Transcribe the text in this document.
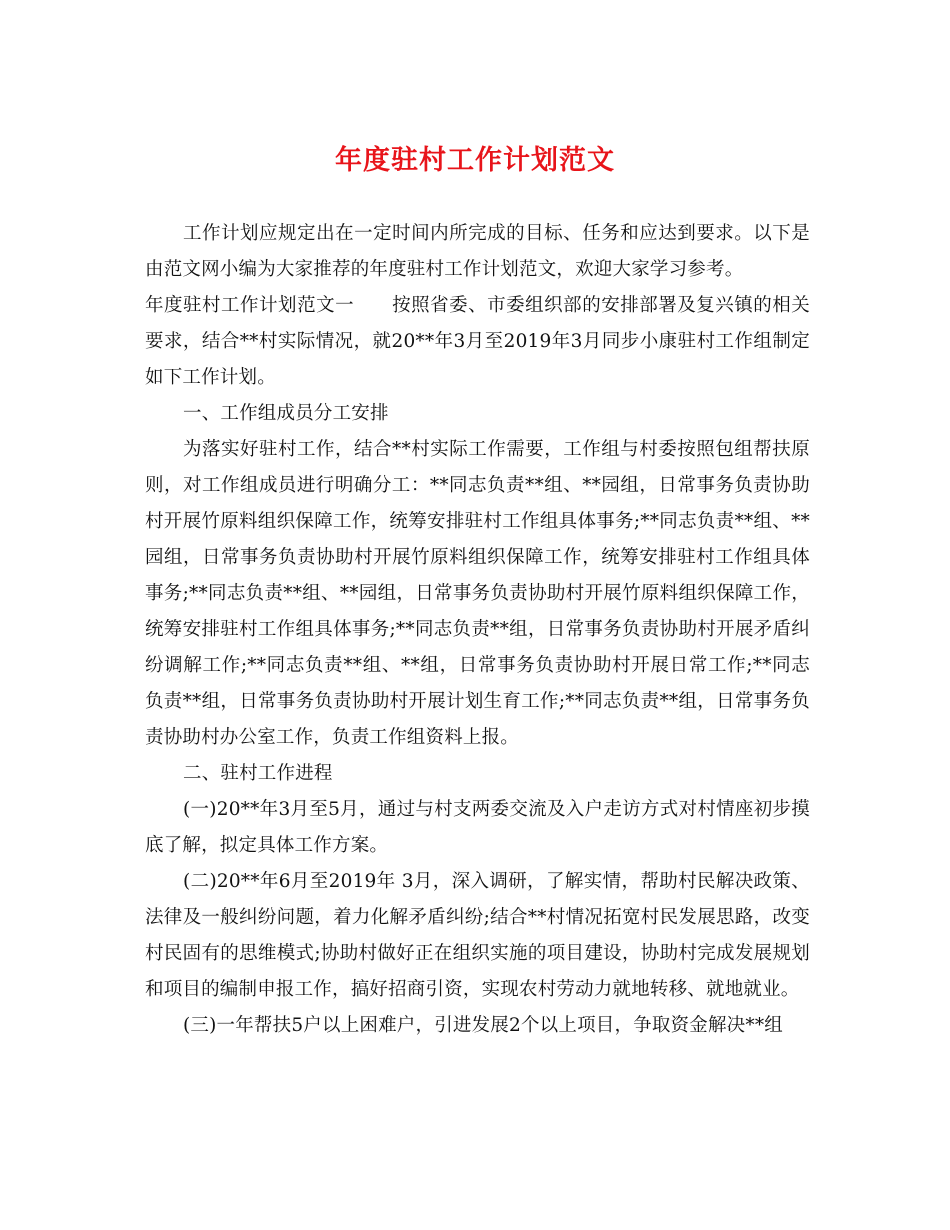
年度驻村工作计划范文

工作计划应规定出在一定时间内所完成的目标、任务和应达到要求。以下是由范文网小编为大家推荐的年度驻村工作计划范文，欢迎大家学习参考。

年度驻村工作计划范文一　　按照省委、市委组织部的安排部署及复兴镇的相关要求，结合**村实际情况，就20**年3月至2019年3月同步小康驻村工作组制定如下工作计划。

一、工作组成员分工安排

为落实好驻村工作，结合**村实际工作需要，工作组与村委按照包组帮扶原则，对工作组成员进行明确分工：**同志负责**组、**园组，日常事务负责协助村开展竹原料组织保障工作，统筹安排驻村工作组具体事务;**同志负责**组、**园组，日常事务负责协助村开展竹原料组织保障工作，统筹安排驻村工作组具体事务;**同志负责**组、**园组，日常事务负责协助村开展竹原料组织保障工作，统筹安排驻村工作组具体事务;**同志负责**组，日常事务负责协助村开展矛盾纠纷调解工作;**同志负责**组、**组，日常事务负责协助村开展日常工作;**同志负责**组，日常事务负责协助村开展计划生育工作;**同志负责**组，日常事务负责协助村办公室工作，负责工作组资料上报。

二、驻村工作进程

(一)20**年3月至5月，通过与村支两委交流及入户走访方式对村情座初步摸底了解，拟定具体工作方案。

(二)20**年6月至2019年 3月，深入调研，了解实情，帮助村民解决政策、法律及一般纠纷问题，着力化解矛盾纠纷;结合**村情况拓宽村民发展思路，改变村民固有的思维模式;协助村做好正在组织实施的项目建设，协助村完成发展规划和项目的编制申报工作，搞好招商引资，实现农村劳动力就地转移、就地就业。

(三)一年帮扶5户以上困难户，引进发展2个以上项目，争取资金解决**组
